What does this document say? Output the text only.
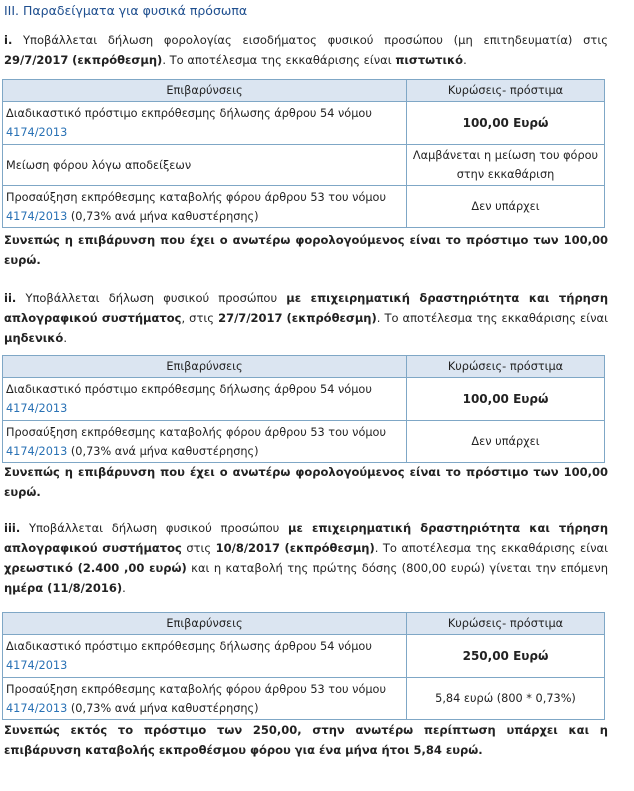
ΙΙΙ. Παραδείγματα για φυσικά πρόσωπα
i. Υποβάλλεται δήλωση φορολογίας εισοδήματος φυσικού προσώπου (μη επιτηδευματία) στις 29/7/2017 (εκπρόθεσμη). Το αποτέλεσμα της εκκαθάρισης είναι πιστωτικό.
Επιβαρύνσεις	Κυρώσεις- πρόστιμα
Διαδικαστικό πρόστιμο εκπρόθεσμης δήλωσης άρθρου 54 νόμου
4174/2013	100,00 Ευρώ
Μείωση φόρου λόγω αποδείξεων	Λαμβάνεται η μείωση του φόρου στην εκκαθάριση
Προσαύξηση εκπρόθεσμης καταβολής φόρου άρθρου 53 του νόμου
4174/2013 (0,73% ανά μήνα καθυστέρησης)	Δεν υπάρχει
Συνεπώς η επιβάρυνση που έχει ο ανωτέρω φορολογούμενος είναι το πρόστιμο των 100,00 ευρώ.
ii. Υποβάλλεται δήλωση φυσικού προσώπου με επιχειρηματική δραστηριότητα και τήρηση απλογραφικού συστήματος, στις 27/7/2017 (εκπρόθεσμη). Το αποτέλεσμα της εκκαθάρισης είναι μηδενικό.
Επιβαρύνσεις	Κυρώσεις- πρόστιμα
Διαδικαστικό πρόστιμο εκπρόθεσμης δήλωσης άρθρου 54 νόμου
4174/2013	100,00 Ευρώ
Προσαύξηση εκπρόθεσμης καταβολής φόρου άρθρου 53 του νόμου
4174/2013 (0,73% ανά μήνα καθυστέρησης)	Δεν υπάρχει
Συνεπώς η επιβάρυνση που έχει ο ανωτέρω φορολογούμενος είναι το πρόστιμο των 100,00 ευρώ.
iii. Υποβάλλεται δήλωση φυσικού προσώπου με επιχειρηματική δραστηριότητα και τήρηση απλογραφικού συστήματος στις 10/8/2017 (εκπρόθεσμη). Το αποτέλεσμα της εκκαθάρισης είναι χρεωστικό (2.400 ,00 ευρώ) και η καταβολή της πρώτης δόσης (800,00 ευρώ) γίνεται την επόμενη ημέρα (11/8/2016).
Επιβαρύνσεις	Κυρώσεις- πρόστιμα
Διαδικαστικό πρόστιμο εκπρόθεσμης δήλωσης άρθρου 54 νόμου
4174/2013	250,00 Ευρώ
Προσαύξηση εκπρόθεσμης καταβολής φόρου άρθρου 53 του νόμου
4174/2013 (0,73% ανά μήνα καθυστέρησης)	5,84 ευρώ (800 * 0,73%)
Συνεπώς εκτός το πρόστιμο των 250,00, στην ανωτέρω περίπτωση υπάρχει και η επιβάρυνση καταβολής εκπροθέσμου φόρου για ένα μήνα ήτοι 5,84 ευρώ.
